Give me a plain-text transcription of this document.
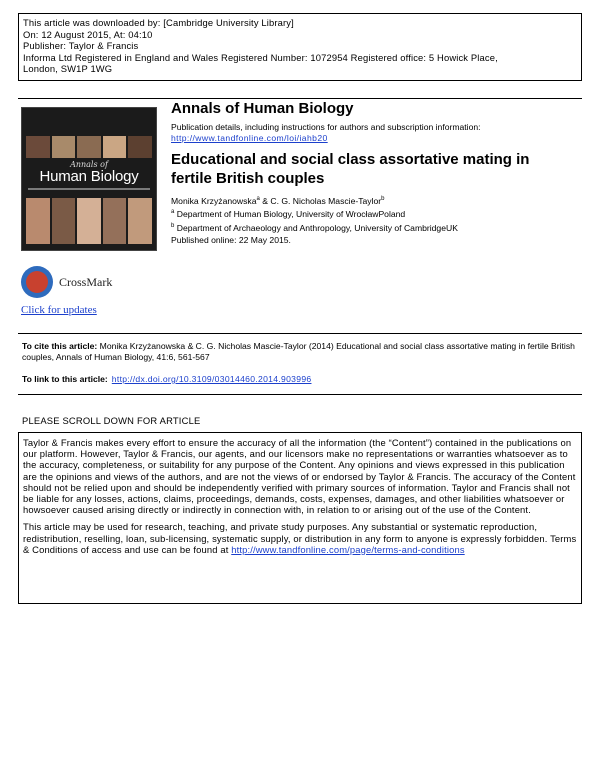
This article was downloaded by: [Cambridge University Library]
On: 12 August 2015, At: 04:10
Publisher: Taylor & Francis
Informa Ltd Registered in England and Wales Registered Number: 1072954 Registered office: 5 Howick Place,
London, SW1P 1WG
Annals of
Human Biology
Annals of Human Biology
Publication details, including instructions for authors and subscription information:
http://www.tandfonline.com/loi/iahb20
Educational and social class assortative mating in fertile British couples
Monika Krzyżanowska$^a$ & C. G. Nicholas Mascie-Taylor$^b$
$^a$ Department of Human Biology, University of WrocławPoland
$^b$ Department of Archaeology and Anthropology, University of CambridgeUK
Published online: 22 May 2015.
CrossMark
Click for updates
To cite this article: Monika Krzyżanowska & C. G. Nicholas Mascie-Taylor (2014) Educational and social class assortative mating in fertile British couples, Annals of Human Biology, 41:6, 561-567
To link to this article: http://dx.doi.org/10.3109/03014460.2014.903996
PLEASE SCROLL DOWN FOR ARTICLE

Taylor & Francis makes every effort to ensure the accuracy of all the information (the “Content”) contained in the publications on our platform. However, Taylor & Francis, our agents, and our licensors make no representations or warranties whatsoever as to the accuracy, completeness, or suitability for any purpose of the Content. Any opinions and views expressed in this publication are the opinions and views of the authors, and are not the views of or endorsed by Taylor & Francis. The accuracy of the Content should not be relied upon and should be independently verified with primary sources of information. Taylor and Francis shall not be liable for any losses, actions, claims, proceedings, demands, costs, expenses, damages, and other liabilities whatsoever or howsoever caused arising directly or indirectly in connection with, in relation to or arising out of the use of the Content.

This article may be used for research, teaching, and private study purposes. Any substantial or systematic reproduction, redistribution, reselling, loan, sub-licensing, systematic supply, or distribution in any form to anyone is expressly forbidden. Terms & Conditions of access and use can be found at http://www.tandfonline.com/page/terms-and-conditions
